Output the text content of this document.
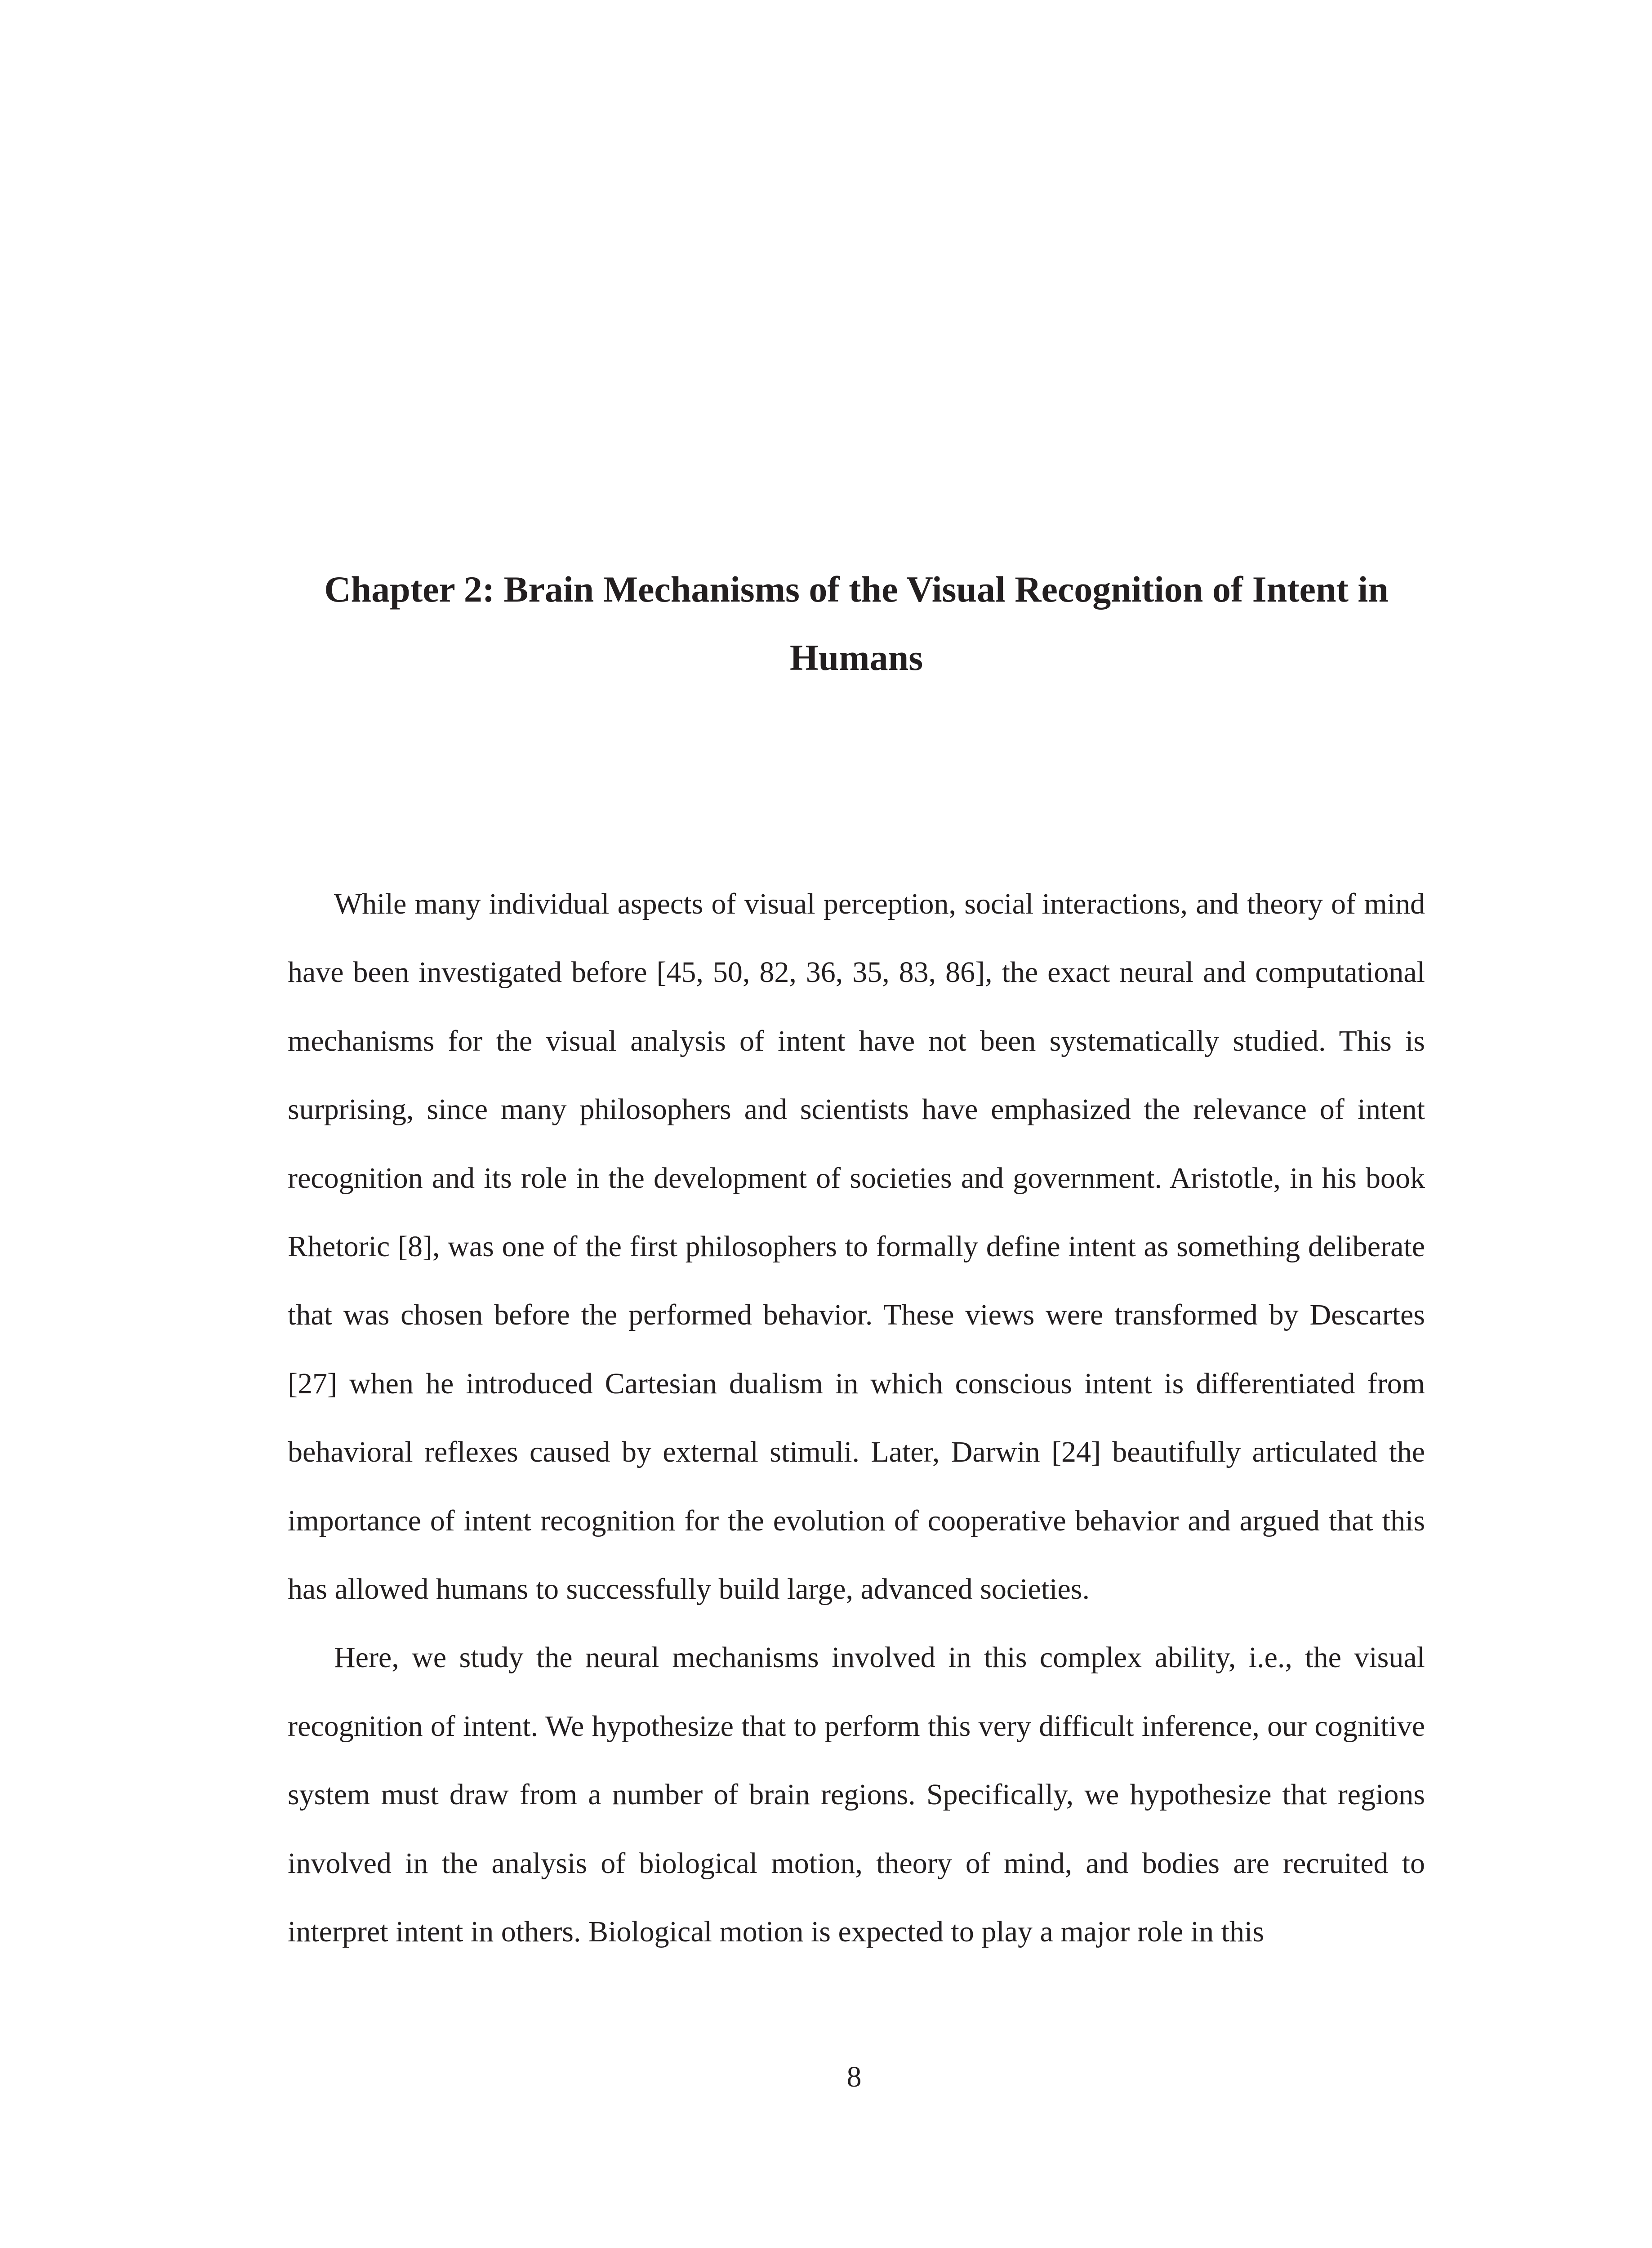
Chapter 2: Brain Mechanisms of the Visual Recognition of Intent in Humans

While many individual aspects of visual perception, social interactions, and theory of mind have been investigated before [45, 50, 82, 36, 35, 83, 86], the exact neural and computational mechanisms for the visual analysis of intent have not been systematically studied. This is surprising, since many philosophers and scientists have emphasized the relevance of intent recognition and its role in the development of societies and government. Aristotle, in his book Rhetoric [8], was one of the first philosophers to formally define intent as something deliberate that was chosen before the performed behavior. These views were transformed by Descartes [27] when he introduced Cartesian dualism in which conscious intent is differentiated from behavioral reflexes caused by external stimuli. Later, Darwin [24] beautifully articulated the importance of intent recognition for the evolution of cooperative behavior and argued that this has allowed humans to successfully build large, advanced societies.

Here, we study the neural mechanisms involved in this complex ability, i.e., the visual recognition of intent. We hypothesize that to perform this very difficult inference, our cognitive system must draw from a number of brain regions. Specifically, we hypothesize that regions involved in the analysis of biological motion, theory of mind, and bodies are recruited to interpret intent in others. Biological motion is expected to play a major role in this

8
